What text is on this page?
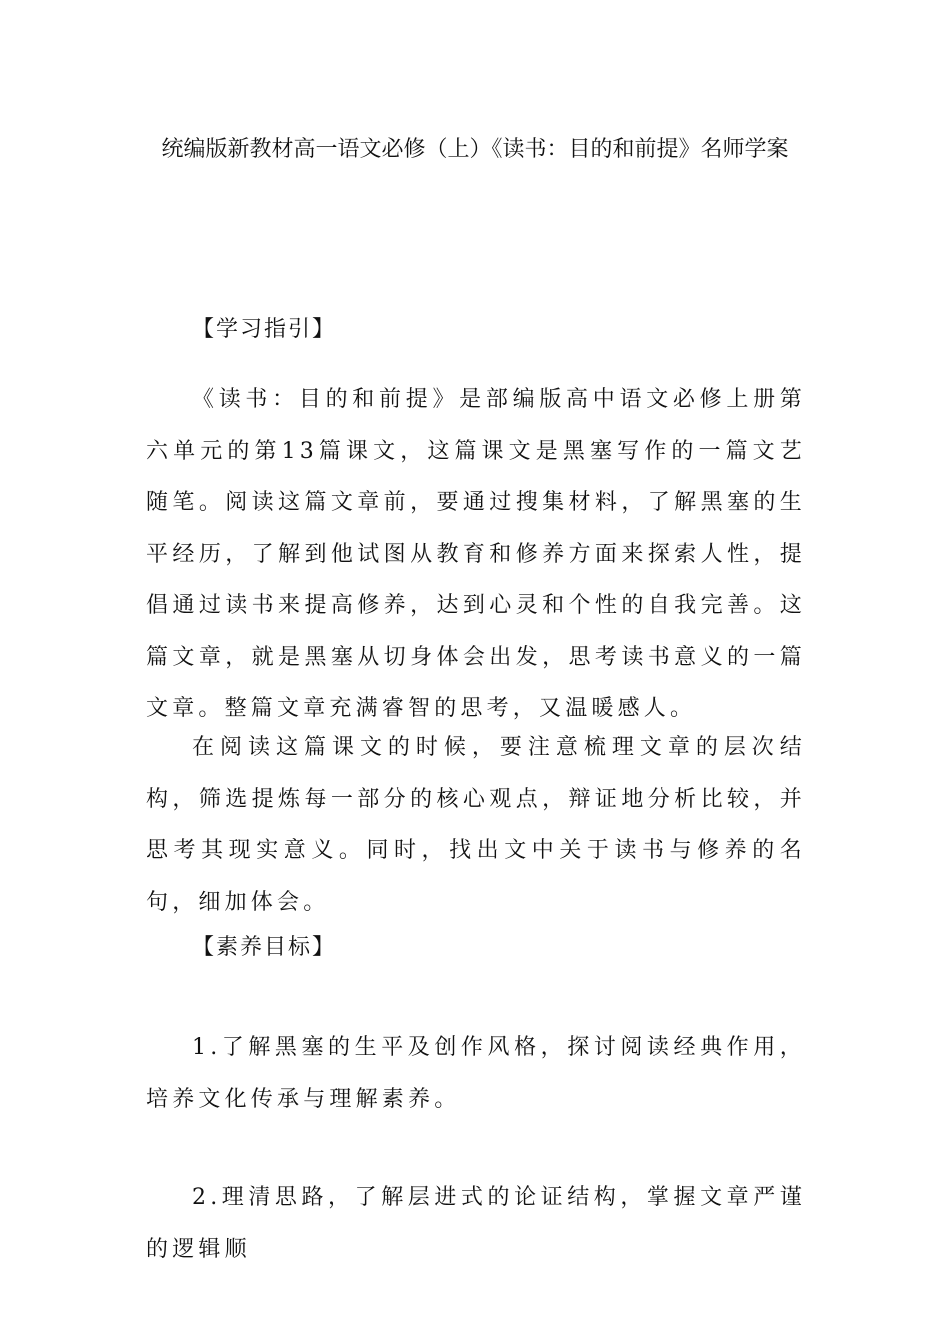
统编版新教材高一语文必修（上）《读书：目的和前提》名师学案
【学习指引】

《读书：目的和前提》是部编版高中语文必修上册第六单元的第13篇课文，这篇课文是黑塞写作的一篇文艺随笔。阅读这篇文章前，要通过搜集材料，了解黑塞的生平经历，了解到他试图从教育和修养方面来探索人性，提倡通过读书来提高修养，达到心灵和个性的自我完善。这篇文章，就是黑塞从切身体会出发，思考读书意义的一篇文章。整篇文章充满睿智的思考，又温暖感人。

在阅读这篇课文的时候，要注意梳理文章的层次结构，筛选提炼每一部分的核心观点，辩证地分析比较，并思考其现实意义。同时，找出文中关于读书与修养的名句，细加体会。

【素养目标】

1.了解黑塞的生平及创作风格，探讨阅读经典作用，培养文化传承与理解素养。

2.理清思路，了解层进式的论证结构，掌握文章严谨的逻辑顺
